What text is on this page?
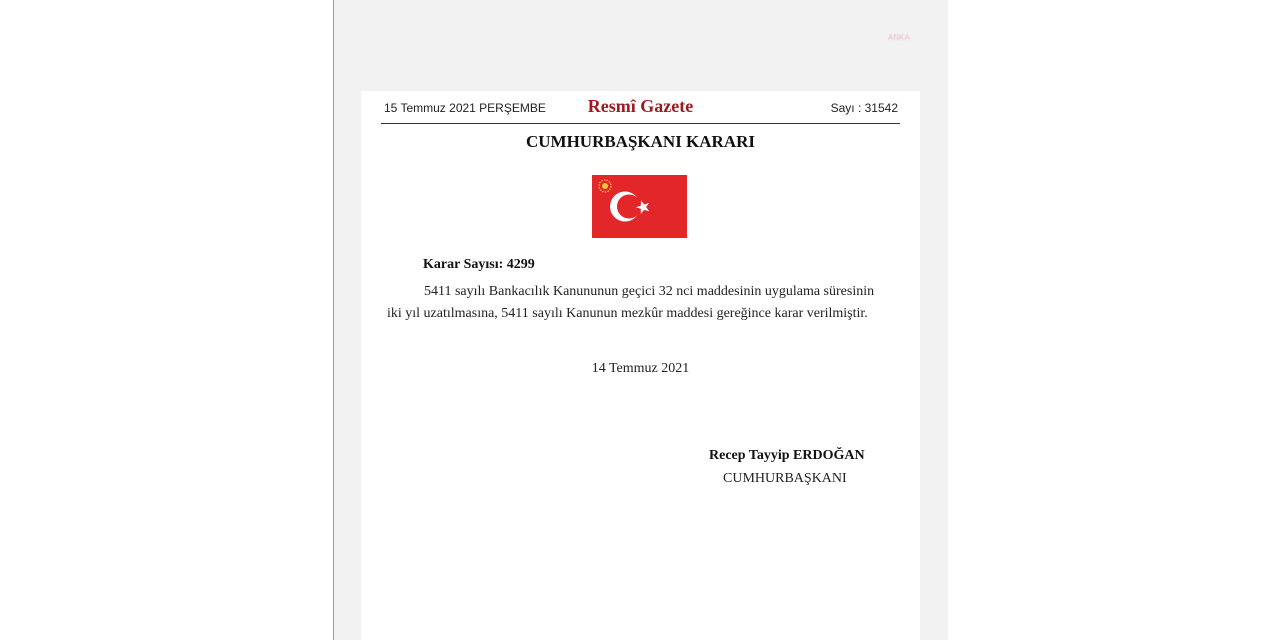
ANKA
15 Temmuz 2021 PERŞEMBE	Resmî Gazete	Sayı : 31542
CUMHURBAŞKANI KARARI
Karar Sayısı: 4299
5411 sayılı Bankacılık Kanununun geçici 32 nci maddesinin uygulama süresinin iki yıl uzatılmasına, 5411 sayılı Kanunun mezkûr maddesi gereğince karar verilmiştir.
14 Temmuz 2021
Recep Tayyip ERDOĞAN
CUMHURBAŞKANI
